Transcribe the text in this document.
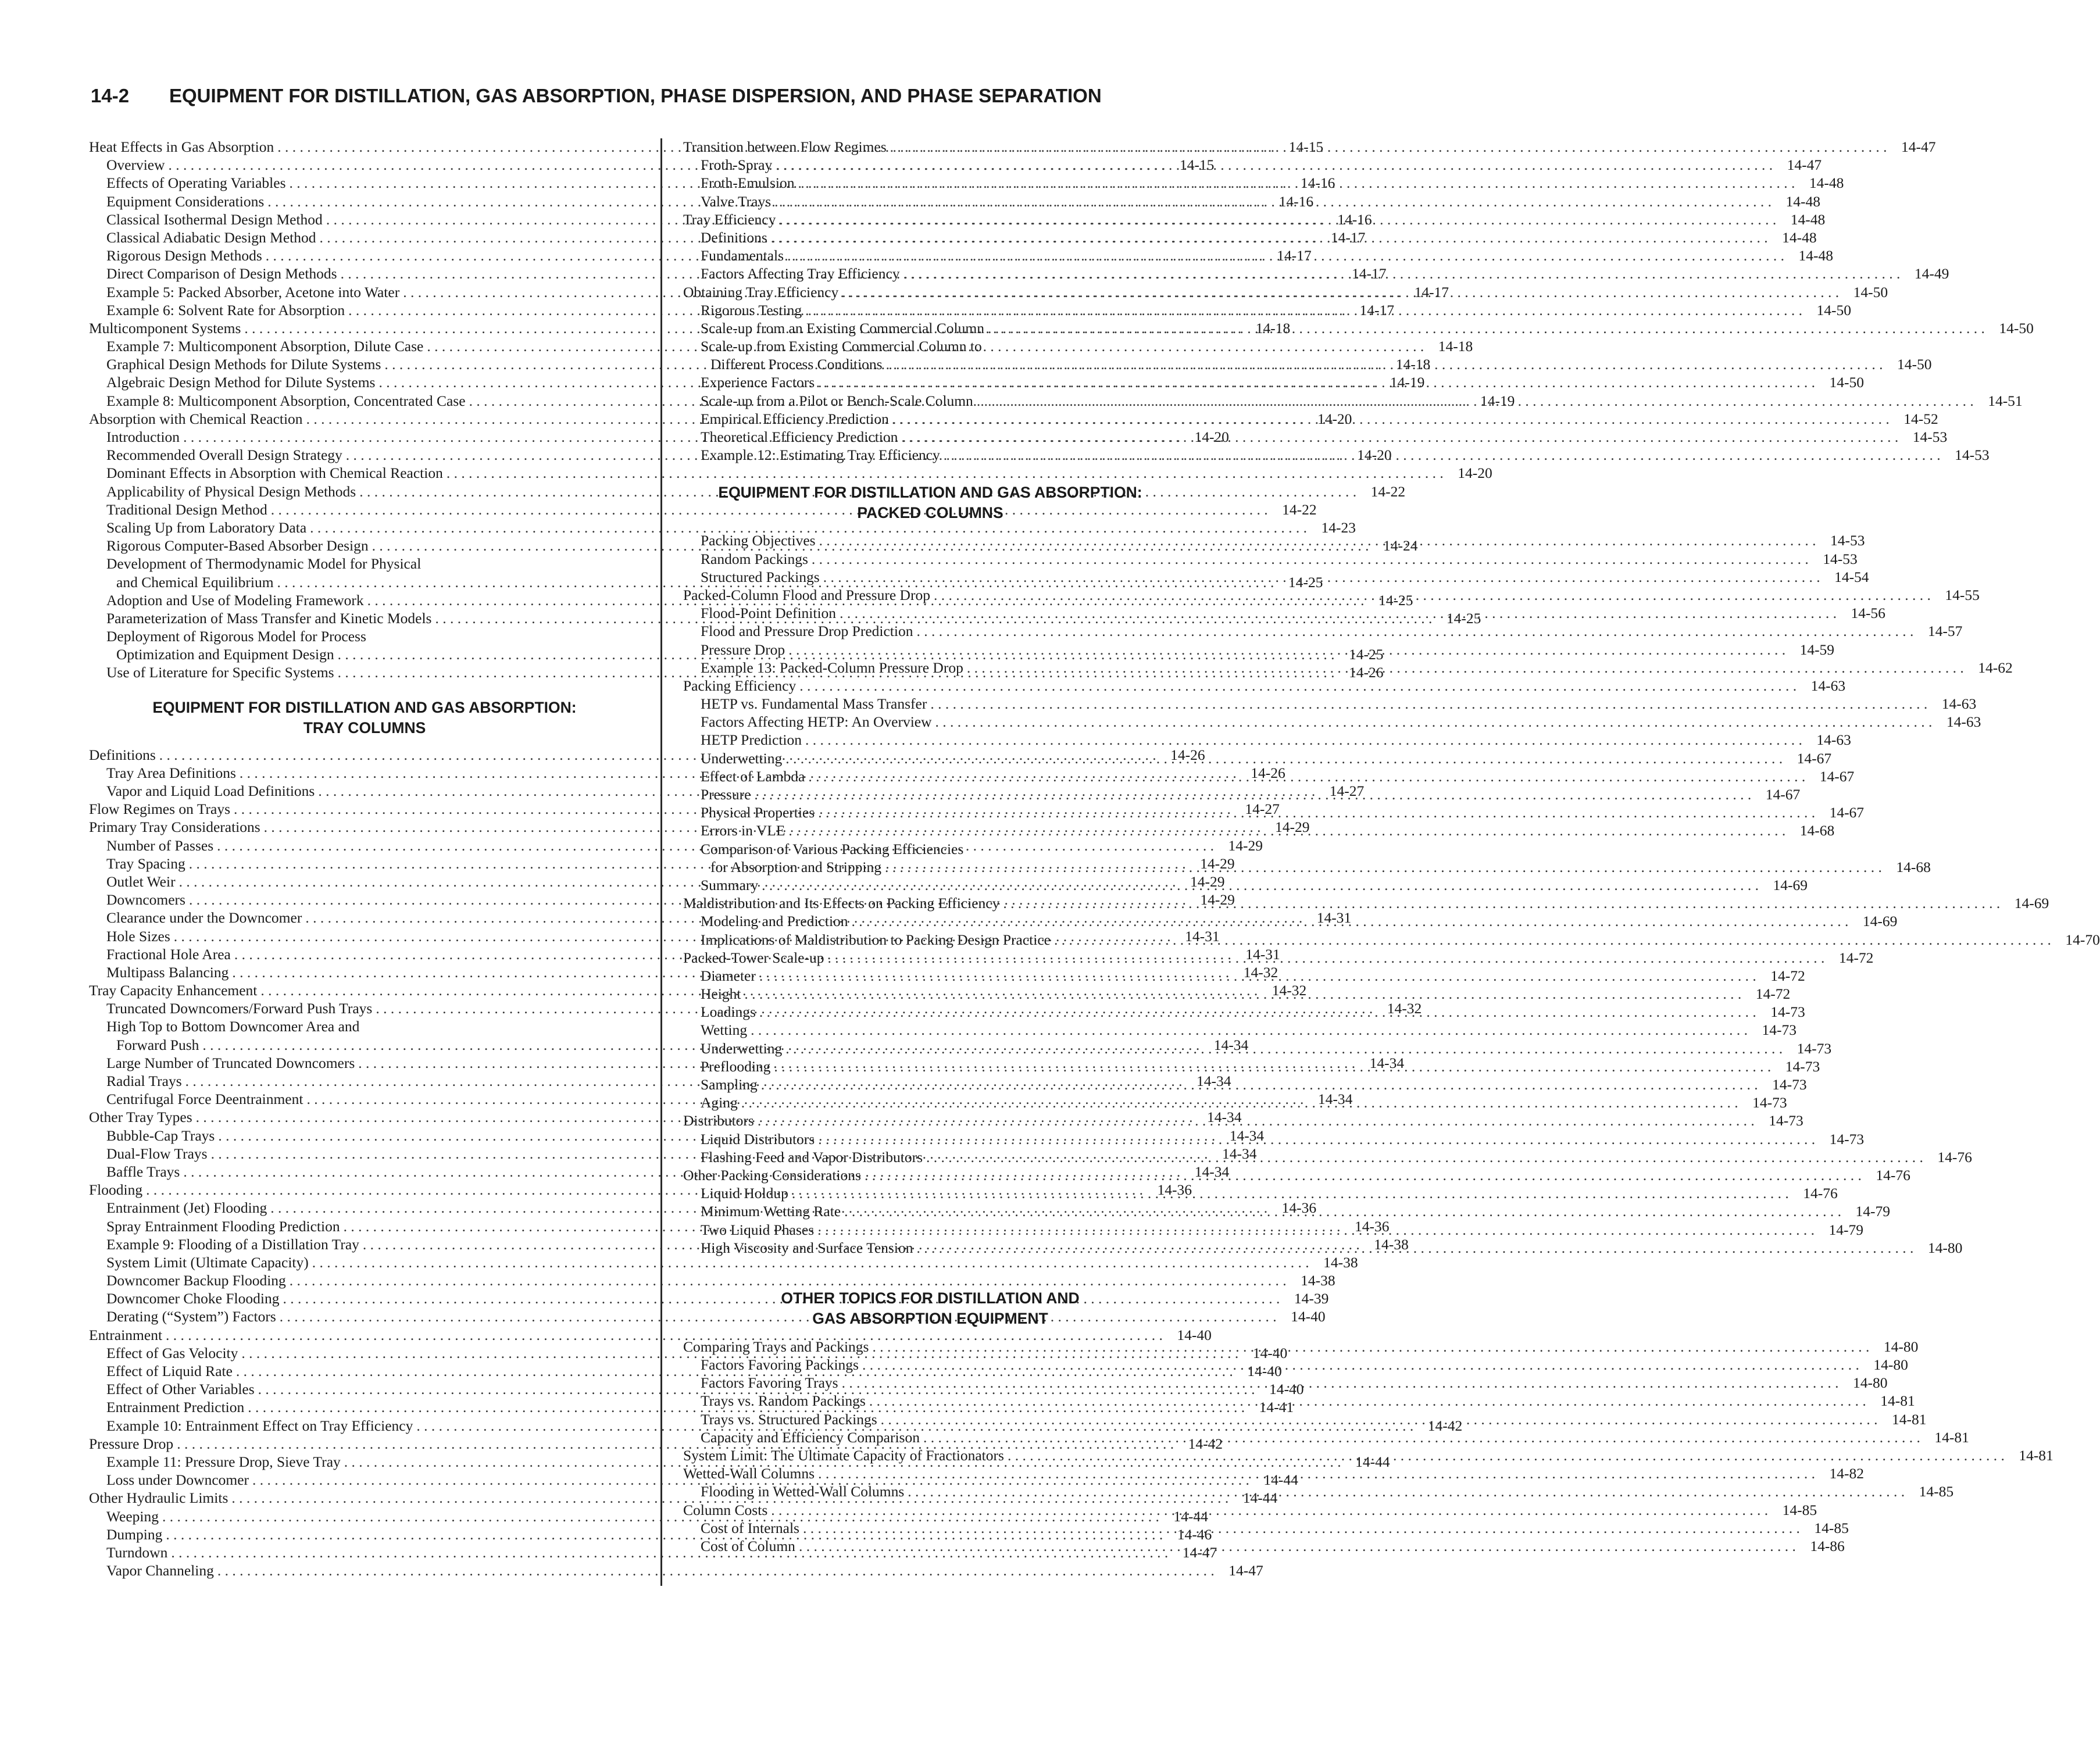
14-2 EQUIPMENT FOR DISTILLATION, GAS ABSORPTION, PHASE DISPERSION, AND PHASE SEPARATION
Heat Effects in Gas Absorption . . .	14-15
Overview . . .	14-15
Effects of Operating Variables . . .	14-16
Equipment Considerations . . .	14-16
Classical Isothermal Design Method . . .	14-16
Classical Adiabatic Design Method . . .	14-17
Rigorous Design Methods . . .	14-17
Direct Comparison of Design Methods . . .	14-17
Example 5: Packed Absorber, Acetone into Water . . .	14-17
Example 6: Solvent Rate for Absorption . . .	14-17
Multicomponent Systems . . .	14-18
Example 7: Multicomponent Absorption, Dilute Case . . .	14-18
Graphical Design Methods for Dilute Systems . . .	14-18
Algebraic Design Method for Dilute Systems . . .	14-19
Example 8: Multicomponent Absorption, Concentrated Case . . .	14-19
Absorption with Chemical Reaction . . .	14-20
Introduction . . .	14-20
Recommended Overall Design Strategy . . .	14-20
Dominant Effects in Absorption with Chemical Reaction . . .	14-20
Applicability of Physical Design Methods . . .	14-22
Traditional Design Method . . .	14-22
Scaling Up from Laboratory Data . . .	14-23
Rigorous Computer-Based Absorber Design . . .	14-24
Development of Thermodynamic Model for Physical
and Chemical Equilibrium . . .	14-25
Adoption and Use of Modeling Framework . . .	14-25
Parameterization of Mass Transfer and Kinetic Models . . .	14-25
Deployment of Rigorous Model for Process
Optimization and Equipment Design . . .	14-25
Use of Literature for Specific Systems . . .	14-26
EQUIPMENT FOR DISTILLATION AND GAS ABSORPTION:
TRAY COLUMNS
Definitions . . .	14-26
Tray Area Definitions . . .	14-26
Vapor and Liquid Load Definitions . . .	14-27
Flow Regimes on Trays . . .	14-27
Primary Tray Considerations . . .	14-29
Number of Passes . . .	14-29
Tray Spacing . . .	14-29
Outlet Weir . . .	14-29
Downcomers . . .	14-29
Clearance under the Downcomer . . .	14-31
Hole Sizes . . .	14-31
Fractional Hole Area . . .	14-31
Multipass Balancing . . .	14-32
Tray Capacity Enhancement . . .	14-32
Truncated Downcomers/Forward Push Trays . . .	14-32
High Top to Bottom Downcomer Area and
Forward Push . . .	14-34
Large Number of Truncated Downcomers . . .	14-34
Radial Trays . . .	14-34
Centrifugal Force Deentrainment . . .	14-34
Other Tray Types . . .	14-34
Bubble-Cap Trays . . .	14-34
Dual-Flow Trays . . .	14-34
Baffle Trays . . .	14-34
Flooding . . .	14-36
Entrainment (Jet) Flooding . . .	14-36
Spray Entrainment Flooding Prediction . . .	14-36
Example 9: Flooding of a Distillation Tray . . .	14-38
System Limit (Ultimate Capacity) . . .	14-38
Downcomer Backup Flooding . . .	14-38
Downcomer Choke Flooding . . .	14-39
Derating (“System”) Factors . . .	14-40
Entrainment . . .	14-40
Effect of Gas Velocity . . .	14-40
Effect of Liquid Rate . . .	14-40
Effect of Other Variables . . .	14-40
Entrainment Prediction . . .	14-41
Example 10: Entrainment Effect on Tray Efficiency . . .	14-42
Pressure Drop . . .	14-42
Example 11: Pressure Drop, Sieve Tray . . .	14-44
Loss under Downcomer . . .	14-44
Other Hydraulic Limits . . .	14-44
Weeping . . .	14-44
Dumping . . .	14-46
Turndown . . .	14-47
Vapor Channeling . . .	14-47
Transition between Flow Regimes . . .	14-47
Froth-Spray . . .	14-47
Froth-Emulsion . . .	14-48
Valve Trays . . .	14-48
Tray Efficiency . . .	14-48
Definitions . . .	14-48
Fundamentals . . .	14-48
Factors Affecting Tray Efficiency . . .	14-49
Obtaining Tray Efficiency . . .	14-50
Rigorous Testing . . .	14-50
Scale-up from an Existing Commercial Column . . .	14-50
Scale-up from Existing Commercial Column to
Different Process Conditions . . .	14-50
Experience Factors . . .	14-50
Scale-up from a Pilot or Bench-Scale Column . . .	14-51
Empirical Efficiency Prediction . . .	14-52
Theoretical Efficiency Prediction . . .	14-53
Example 12: Estimating Tray Efficiency . . .	14-53
EQUIPMENT FOR DISTILLATION AND GAS ABSORPTION:
PACKED COLUMNS
Packing Objectives . . .	14-53
Random Packings . . .	14-53
Structured Packings . . .	14-54
Packed-Column Flood and Pressure Drop . . .	14-55
Flood-Point Definition . . .	14-56
Flood and Pressure Drop Prediction . . .	14-57
Pressure Drop . . .	14-59
Example 13: Packed-Column Pressure Drop . . .	14-62
Packing Efficiency . . .	14-63
HETP vs. Fundamental Mass Transfer . . .	14-63
Factors Affecting HETP: An Overview . . .	14-63
HETP Prediction . . .	14-63
Underwetting . . .	14-67
Effect of Lambda . . .	14-67
Pressure . . .	14-67
Physical Properties . . .	14-67
Errors in VLE . . .	14-68
Comparison of Various Packing Efficiencies
for Absorption and Stripping . . .	14-68
Summary . . .	14-69
Maldistribution and Its Effects on Packing Efficiency . . .	14-69
Modeling and Prediction . . .	14-69
Implications of Maldistribution to Packing Design Practice . . .	14-70
Packed-Tower Scale-up . . .	14-72
Diameter . . .	14-72
Height . . .	14-72
Loadings . . .	14-73
Wetting . . .	14-73
Underwetting . . .	14-73
Preflooding . . .	14-73
Sampling . . .	14-73
Aging . . .	14-73
Distributors . . .	14-73
Liquid Distributors . . .	14-73
Flashing Feed and Vapor Distributors . . .	14-76
Other Packing Considerations . . .	14-76
Liquid Holdup . . .	14-76
Minimum Wetting Rate . . .	14-79
Two Liquid Phases . . .	14-79
High Viscosity and Surface Tension . . .	14-80
OTHER TOPICS FOR DISTILLATION AND
GAS ABSORPTION EQUIPMENT
Comparing Trays and Packings . . .	14-80
Factors Favoring Packings . . .	14-80
Factors Favoring Trays . . .	14-80
Trays vs. Random Packings . . .	14-81
Trays vs. Structured Packings . . .	14-81
Capacity and Efficiency Comparison . . .	14-81
System Limit: The Ultimate Capacity of Fractionators . . .	14-81
Wetted-Wall Columns . . .	14-82
Flooding in Wetted-Wall Columns . . .	14-85
Column Costs . . .	14-85
Cost of Internals . . .	14-85
Cost of Column . . .	14-86
